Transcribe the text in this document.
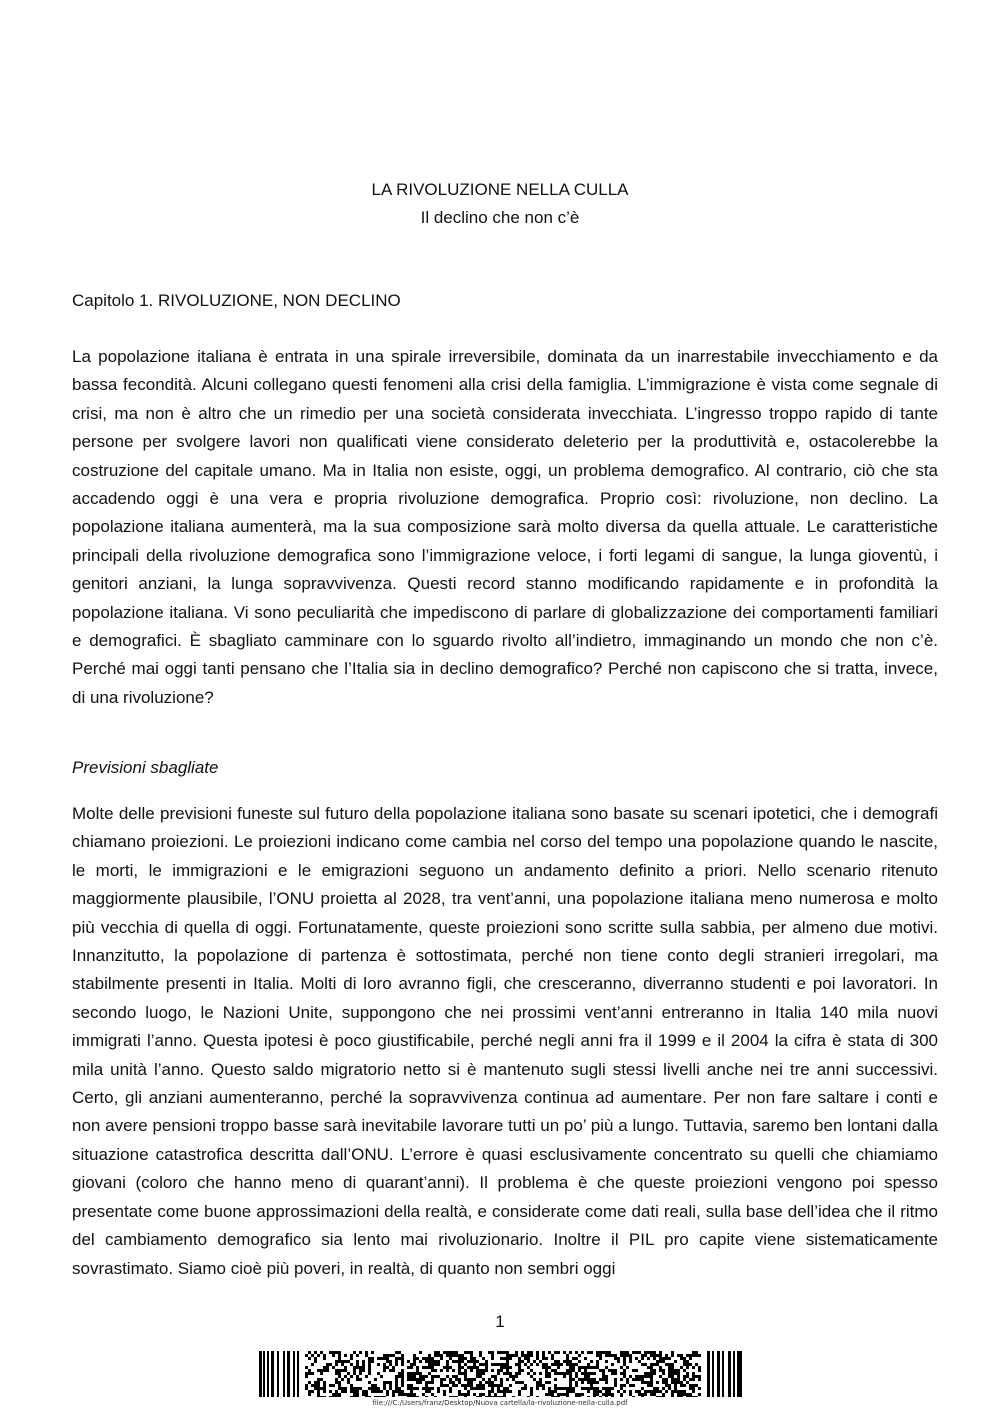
LA RIVOLUZIONE NELLA CULLA
Il declino che non c’è
Capitolo 1. RIVOLUZIONE, NON DECLINO

La popolazione italiana è entrata in una spirale irreversibile, dominata da un inarrestabile invecchiamento e da bassa fecondità. Alcuni collegano questi fenomeni alla crisi della famiglia. L’immigrazione è vista come segnale di crisi, ma non è altro che un rimedio per una società considerata invecchiata. L’ingresso troppo rapido di tante persone per svolgere lavori non qualificati viene considerato deleterio per la produttività e, ostacolerebbe la costruzione del capitale umano. Ma in Italia non esiste, oggi, un problema demografico. Al contrario, ciò che sta accadendo oggi è una vera e propria rivoluzione demografica. Proprio così: rivoluzione, non declino. La popolazione italiana aumenterà, ma la sua composizione sarà molto diversa da quella attuale. Le caratteristiche principali della rivoluzione demografica sono l’immigrazione veloce, i forti legami di sangue, la lunga gioventù, i genitori anziani, la lunga sopravvivenza. Questi record stanno modificando rapidamente e in profondità la popolazione italiana. Vi sono peculiarità che impediscono di parlare di globalizzazione dei comportamenti familiari e demografici. È sbagliato camminare con lo sguardo rivolto all’indietro, immaginando un mondo che non c’è. Perché mai oggi tanti pensano che l’Italia sia in declino demografico? Perché non capiscono che si tratta, invece, di una rivoluzione?

Previsioni sbagliate

Molte delle previsioni funeste sul futuro della popolazione italiana sono basate su scenari ipotetici, che i demografi chiamano proiezioni. Le proiezioni indicano come cambia nel corso del tempo una popolazione quando le nascite, le morti, le immigrazioni e le emigrazioni seguono un andamento definito a priori. Nello scenario ritenuto maggiormente plausibile, l’ONU proietta al 2028, tra vent’anni, una popolazione italiana meno numerosa e molto più vecchia di quella di oggi. Fortunatamente, queste proiezioni sono scritte sulla sabbia, per almeno due motivi. Innanzitutto, la popolazione di partenza è sottostimata, perché non tiene conto degli stranieri irregolari, ma stabilmente presenti in Italia. Molti di loro avranno figli, che cresceranno, diverranno studenti e poi lavoratori. In secondo luogo, le Nazioni Unite, suppongono che nei prossimi vent’anni entreranno in Italia 140 mila nuovi immigrati l’anno. Questa ipotesi è poco giustificabile, perché negli anni fra il 1999 e il 2004 la cifra è stata di 300 mila unità l’anno. Questo saldo migratorio netto si è mantenuto sugli stessi livelli anche nei tre anni successivi. Certo, gli anziani aumenteranno, perché la sopravvivenza continua ad aumentare. Per non fare saltare i conti e non avere pensioni troppo basse sarà inevitabile lavorare tutti un po’ più a lungo. Tuttavia, saremo ben lontani dalla situazione catastrofica descritta dall’ONU. L’errore è quasi esclusivamente concentrato su quelli che chiamiamo giovani (coloro che hanno meno di quarant’anni). Il problema è che queste proiezioni vengono poi spesso presentate come buone approssimazioni della realtà, e considerate come dati reali, sulla base dell’idea che il ritmo del cambiamento demografico sia lento mai rivoluzionario. Inoltre il PIL pro capite viene sistematicamente sovrastimato. Siamo cioè più poveri, in realtà, di quanto non sembri oggi

1
file:///C:/Users/franz/Desktop/Nuova cartella/la-rivoluzione-nella-culla.pdf
